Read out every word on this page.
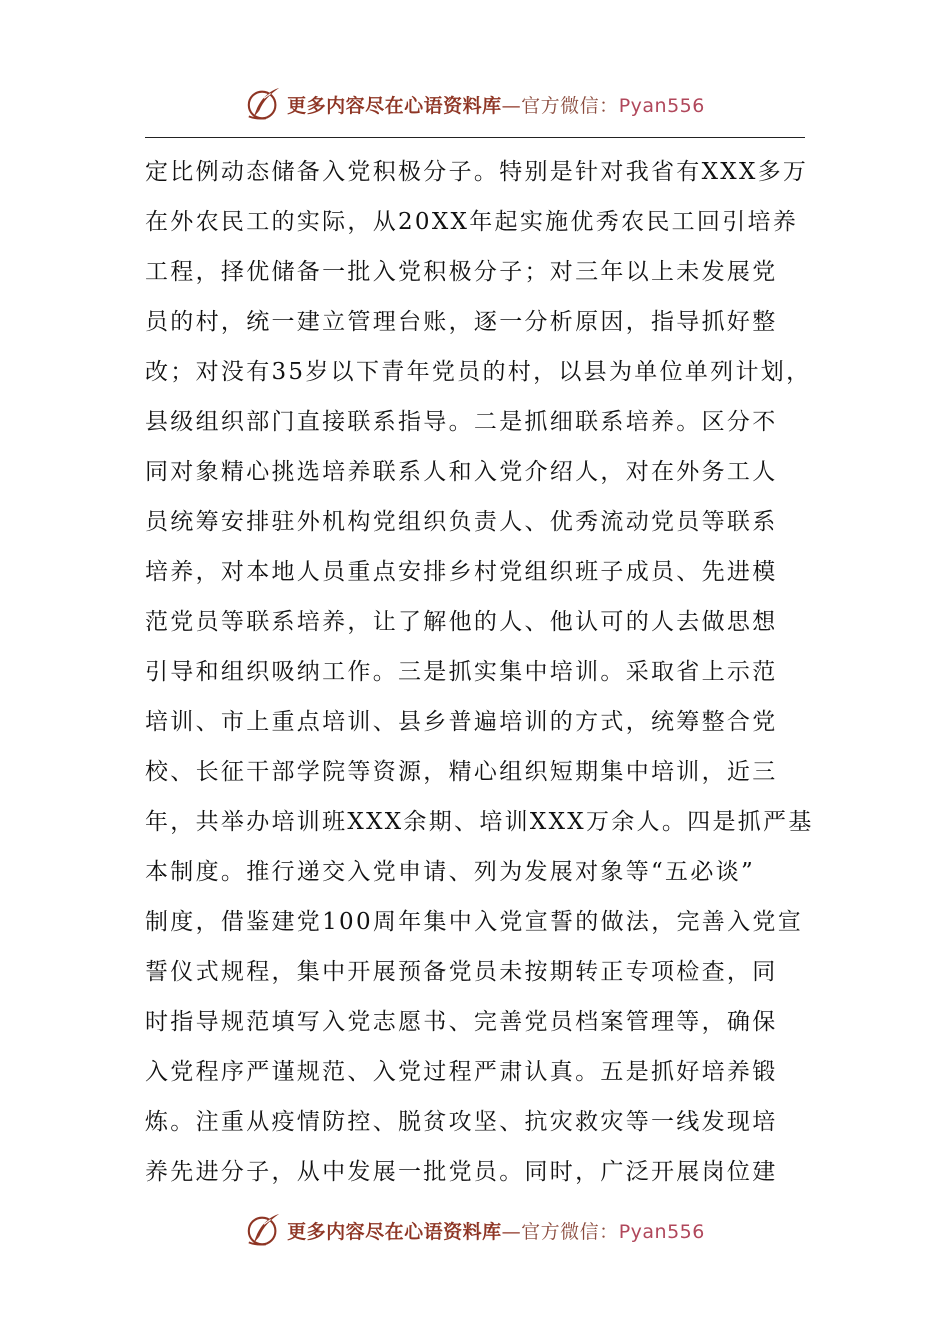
更多内容尽在心语资料库—官方微信：Pyan556
定比例动态储备入党积极分子。特别是针对我省有XXX多万
在外农民工的实际，从20XX年起实施优秀农民工回引培养
工程，择优储备一批入党积极分子；对三年以上未发展党
员的村，统一建立管理台账，逐一分析原因，指导抓好整
改；对没有35岁以下青年党员的村，以县为单位单列计划，
县级组织部门直接联系指导。二是抓细联系培养。区分不
同对象精心挑选培养联系人和入党介绍人，对在外务工人
员统筹安排驻外机构党组织负责人、优秀流动党员等联系
培养，对本地人员重点安排乡村党组织班子成员、先进模
范党员等联系培养，让了解他的人、他认可的人去做思想
引导和组织吸纳工作。三是抓实集中培训。采取省上示范
培训、市上重点培训、县乡普遍培训的方式，统筹整合党
校、长征干部学院等资源，精心组织短期集中培训，近三
年，共举办培训班XXX余期、培训XXX万余人。四是抓严基
本制度。推行递交入党申请、列为发展对象等“五必谈”
制度，借鉴建党100周年集中入党宣誓的做法，完善入党宣
誓仪式规程，集中开展预备党员未按期转正专项检查，同
时指导规范填写入党志愿书、完善党员档案管理等，确保
入党程序严谨规范、入党过程严肃认真。五是抓好培养锻
炼。注重从疫情防控、脱贫攻坚、抗灾救灾等一线发现培
养先进分子，从中发展一批党员。同时，广泛开展岗位建
更多内容尽在心语资料库—官方微信：Pyan556
